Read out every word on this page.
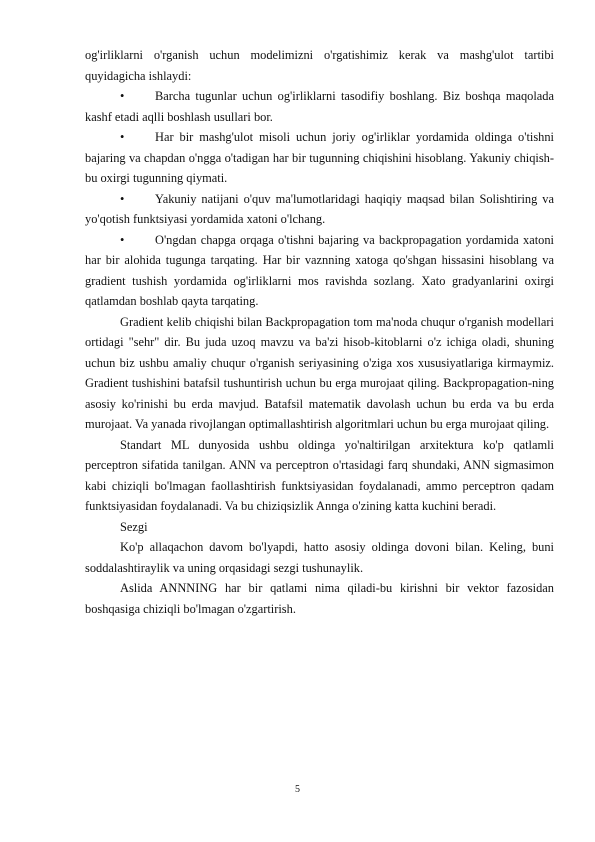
og'irliklarni o'rganish uchun modelimizni o'rgatishimiz kerak va mashg'ulot tartibi quyidagicha ishlaydi:

•	Barcha tugunlar uchun og'irliklarni tasodifiy boshlang. Biz boshqa maqolada kashf etadi aqlli boshlash usullari bor.

•	Har bir mashg'ulot misoli uchun joriy og'irliklar yordamida oldinga o'tishni bajaring va chapdan o'ngga o'tadigan har bir tugunning chiqishini hisoblang. Yakuniy chiqish-bu oxirgi tugunning qiymati.

•	Yakuniy natijani o'quv ma'lumotlaridagi haqiqiy maqsad bilan Solishtiring va yo'qotish funktsiyasi yordamida xatoni o'lchang.

•	O'ngdan chapga orqaga o'tishni bajaring va backpropagation yordamida xatoni har bir alohida tugunga tarqating. Har bir vaznning xatoga qo'shgan hissasini hisoblang va gradient tushish yordamida og'irliklarni mos ravishda sozlang. Xato gradyanlarini oxirgi qatlamdan boshlab qayta tarqating.

Gradient kelib chiqishi bilan Backpropagation tom ma'noda chuqur o'rganish modellari ortidagi "sehr" dir. Bu juda uzoq mavzu va ba'zi hisob-kitoblarni o'z ichiga oladi, shuning uchun biz ushbu amaliy chuqur o'rganish seriyasining o'ziga xos xususiyatlariga kirmaymiz. Gradient tushishini batafsil tushuntirish uchun bu erga murojaat qiling. Backpropagation-ning asosiy ko'rinishi bu erda mavjud. Batafsil matematik davolash uchun bu erda va bu erda murojaat. Va yanada rivojlangan optimallashtirish algoritmlari uchun bu erga murojaat qiling.

Standart ML dunyosida ushbu oldinga yo'naltirilgan arxitektura ko'p qatlamli perceptron sifatida tanilgan. ANN va perceptron o'rtasidagi farq shundaki, ANN sigmasimon kabi chiziqli bo'lmagan faollashtirish funktsiyasidan foydalanadi, ammo perceptron qadam funktsiyasidan foydalanadi. Va bu chiziqsizlik Annga o'zining katta kuchini beradi.

Sezgi

Ko'p allaqachon davom bo'lyapdi, hatto asosiy oldinga dovoni bilan. Keling, buni soddalashtiraylik va uning orqasidagi sezgi tushunaylik.

Aslida ANNNING har bir qatlami nima qiladi-bu kirishni bir vektor fazosidan boshqasiga chiziqli bo'lmagan o'zgartirish.

5
